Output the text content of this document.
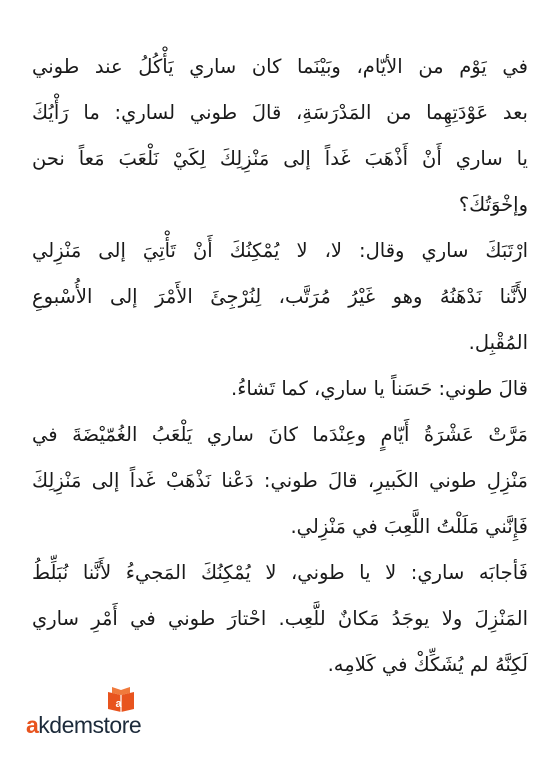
في يَوْم من الأيّام، وبَيْنَما كان ساري يَأْكُلُ عند طوني
بعد عَوْدَتِهِما من المَدْرَسَةِ، قالَ طوني لساري: ما رَأْيُكَ
يا ساري أَنْ أَذْهَبَ غَداً إلى مَنْزِلِكَ لِكَيْ نَلْعَبَ مَعاً نحن
وإخْوَتُكَ؟
ارْتَبَكَ ساري وقال: لا، لا يُمْكِنُكَ أَنْ تَأْتِيَ إلى مَنْزِلي
لأَنَّنا نَدْهَنُهُ وهو غَيْرُ مُرَتَّب، لِنُرْجِئَ الأَمْرَ إلى الأُسْبوعِ
المُقْبِل.
قالَ طوني: حَسَناً يا ساري، كما تَشاءُ.
مَرَّتْ عَشْرَةُ أَيّامٍ وعِنْدَما كانَ ساري يَلْعَبُ الغُمّيْضَةَ في
مَنْزِلِ طوني الكَبيرِ، قالَ طوني: دَعْنا نَذْهَبْ غَداً إلى مَنْزِلِكَ
فَإِنَّني مَلَلْتُ اللَّعِبَ في مَنْزِلي.
فَأجابَه ساري: لا يا طوني، لا يُمْكِنُكَ المَجيءُ لأَنَّنا نُبَلِّطُ
المَنْزِلَ ولا يوجَدُ مَكانٌ للَّعِب. احْتارَ طوني في أَمْرِ ساري
لَكِنَّهُ لم يُشَكِّكْ في كَلامِه.
a
akdemstore
